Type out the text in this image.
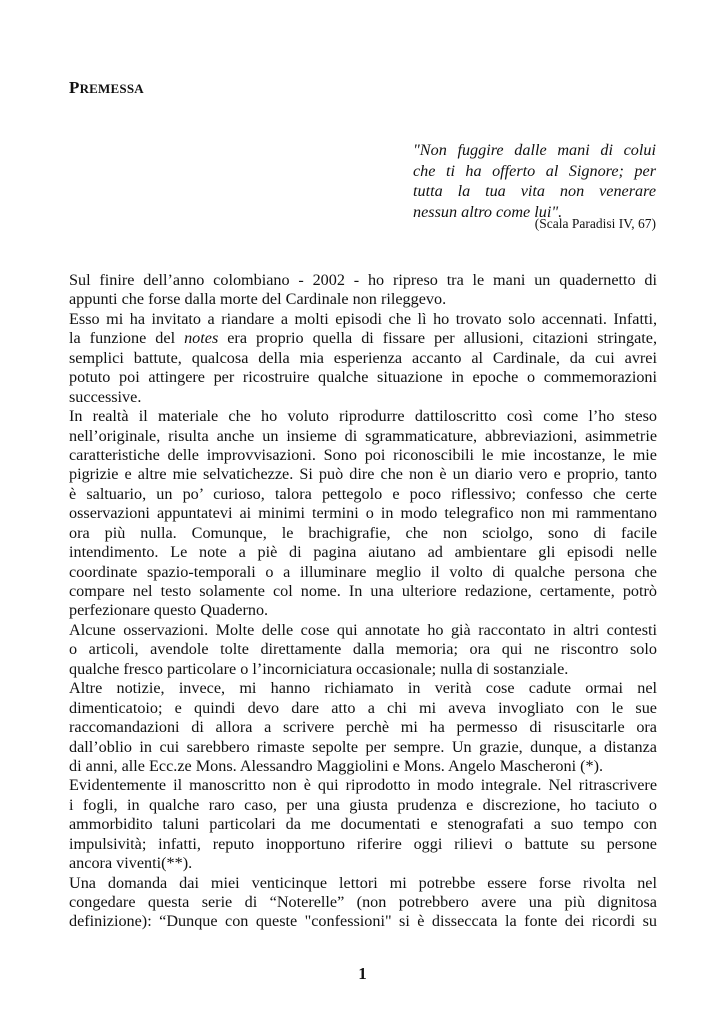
PREMESSA
"Non fuggire dalle mani di colui
che ti ha offerto al Signore; per
tutta la tua vita non venerare
nessun altro come lui".
(Scala Paradisi IV, 67)
Sul finire dell’anno colombiano - 2002 - ho ripreso tra le mani un quadernetto di
appunti che forse dalla morte del Cardinale non rileggevo.
Esso mi ha invitato a riandare a molti episodi che lì ho trovato solo accennati. Infatti,
la funzione del notes era proprio quella di fissare per allusioni, citazioni stringate,
semplici battute, qualcosa della mia esperienza accanto al Cardinale, da cui avrei
potuto poi attingere per ricostruire qualche situazione in epoche o commemorazioni
successive.
In realtà il materiale che ho voluto riprodurre dattiloscritto così come l’ho steso
nell’originale, risulta anche un insieme di sgrammaticature, abbreviazioni, asimmetrie
caratteristiche delle improvvisazioni. Sono poi riconoscibili le mie incostanze, le mie
pigrizie e altre mie selvatichezze. Si può dire che non è un diario vero e proprio, tanto
è saltuario, un po’ curioso, talora pettegolo e poco riflessivo; confesso che certe
osservazioni appuntatevi ai minimi termini o in modo telegrafico non mi rammentano
ora più nulla. Comunque, le brachigrafie, che non sciolgo, sono di facile
intendimento. Le note a piè di pagina aiutano ad ambientare gli episodi nelle
coordinate spazio-temporali o a illuminare meglio il volto di qualche persona che
compare nel testo solamente col nome. In una ulteriore redazione, certamente, potrò
perfezionare questo Quaderno.
Alcune osservazioni. Molte delle cose qui annotate ho già raccontato in altri contesti
o articoli, avendole tolte direttamente dalla memoria; ora qui ne riscontro solo
qualche fresco particolare o l’incorniciatura occasionale; nulla di sostanziale.
Altre notizie, invece, mi hanno richiamato in verità cose cadute ormai nel
dimenticatoio; e quindi devo dare atto a chi mi aveva invogliato con le sue
raccomandazioni di allora a scrivere perchè mi ha permesso di risuscitarle ora
dall’oblio in cui sarebbero rimaste sepolte per sempre. Un grazie, dunque, a distanza
di anni, alle Ecc.ze Mons. Alessandro Maggiolini e Mons. Angelo Mascheroni (*).
Evidentemente il manoscritto non è qui riprodotto in modo integrale. Nel ritrascrivere
i fogli, in qualche raro caso, per una giusta prudenza e discrezione, ho taciuto o
ammorbidito taluni particolari da me documentati e stenografati a suo tempo con
impulsività; infatti, reputo inopportuno riferire oggi rilievi o battute su persone
ancora viventi(**).
Una domanda dai miei venticinque lettori mi potrebbe essere forse rivolta nel
congedare questa serie di “Noterelle” (non potrebbero avere una più dignitosa
definizione): “Dunque con queste "confessioni" si è disseccata la fonte dei ricordi su
1
